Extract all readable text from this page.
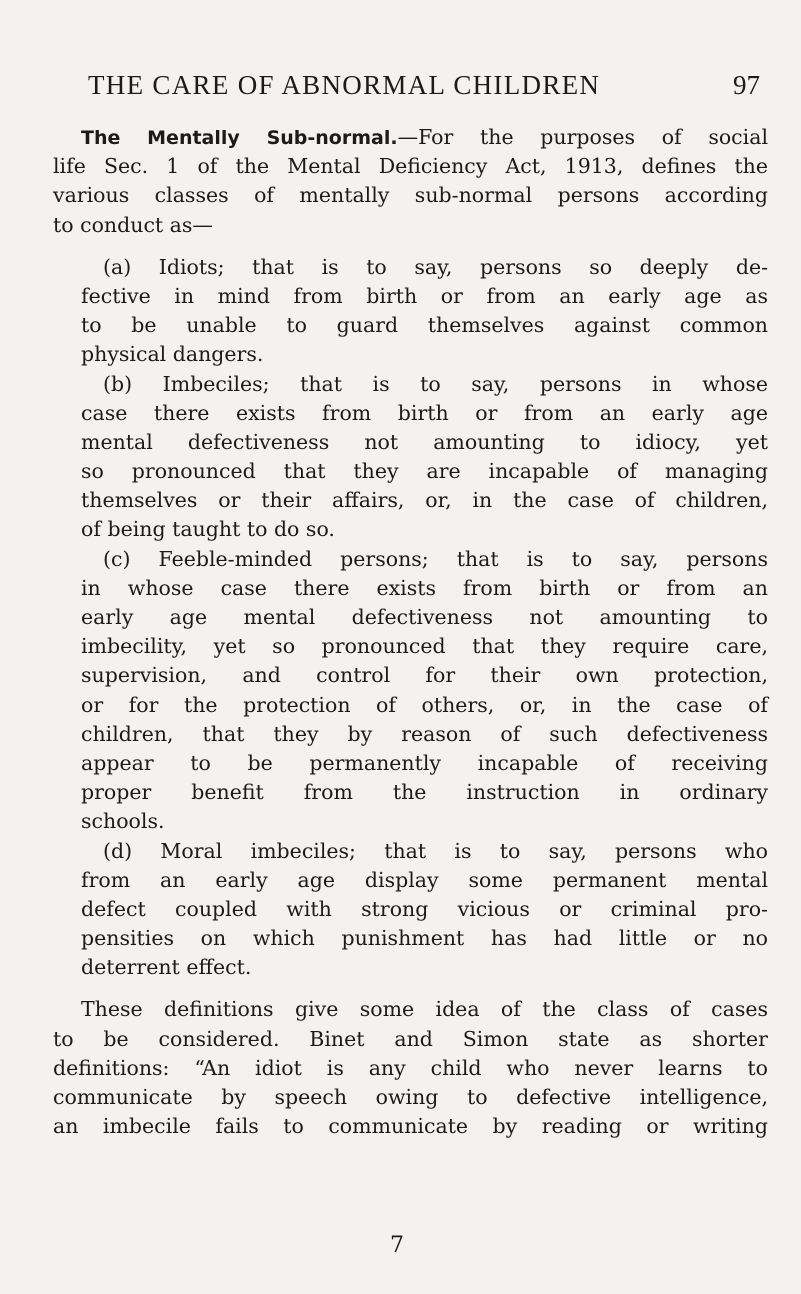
THE CARE OF ABNORMAL CHILDREN	97
The Mentally Sub-normal.—For the purposes of social
life Sec. 1 of the Mental Deficiency Act, 1913, defines the
various classes of mentally sub-normal persons according
to conduct as—
(a) Idiots; that is to say, persons so deeply de-
fective in mind from birth or from an early age as
to be unable to guard themselves against common
physical dangers.
(b) Imbeciles; that is to say, persons in whose
case there exists from birth or from an early age
mental defectiveness not amounting to idiocy, yet
so pronounced that they are incapable of managing
themselves or their affairs, or, in the case of children,
of being taught to do so.
(c) Feeble-minded persons; that is to say, persons
in whose case there exists from birth or from an
early age mental defectiveness not amounting to
imbecility, yet so pronounced that they require care,
supervision, and control for their own protection,
or for the protection of others, or, in the case of
children, that they by reason of such defectiveness
appear to be permanently incapable of receiving
proper benefit from the instruction in ordinary
schools.
(d) Moral imbeciles; that is to say, persons who
from an early age display some permanent mental
defect coupled with strong vicious or criminal pro-
pensities on which punishment has had little or no
deterrent effect.
These definitions give some idea of the class of cases
to be considered. Binet and Simon state as shorter
definitions: “An idiot is any child who never learns to
communicate by speech owing to defective intelligence,
an imbecile fails to communicate by reading or writing
7
